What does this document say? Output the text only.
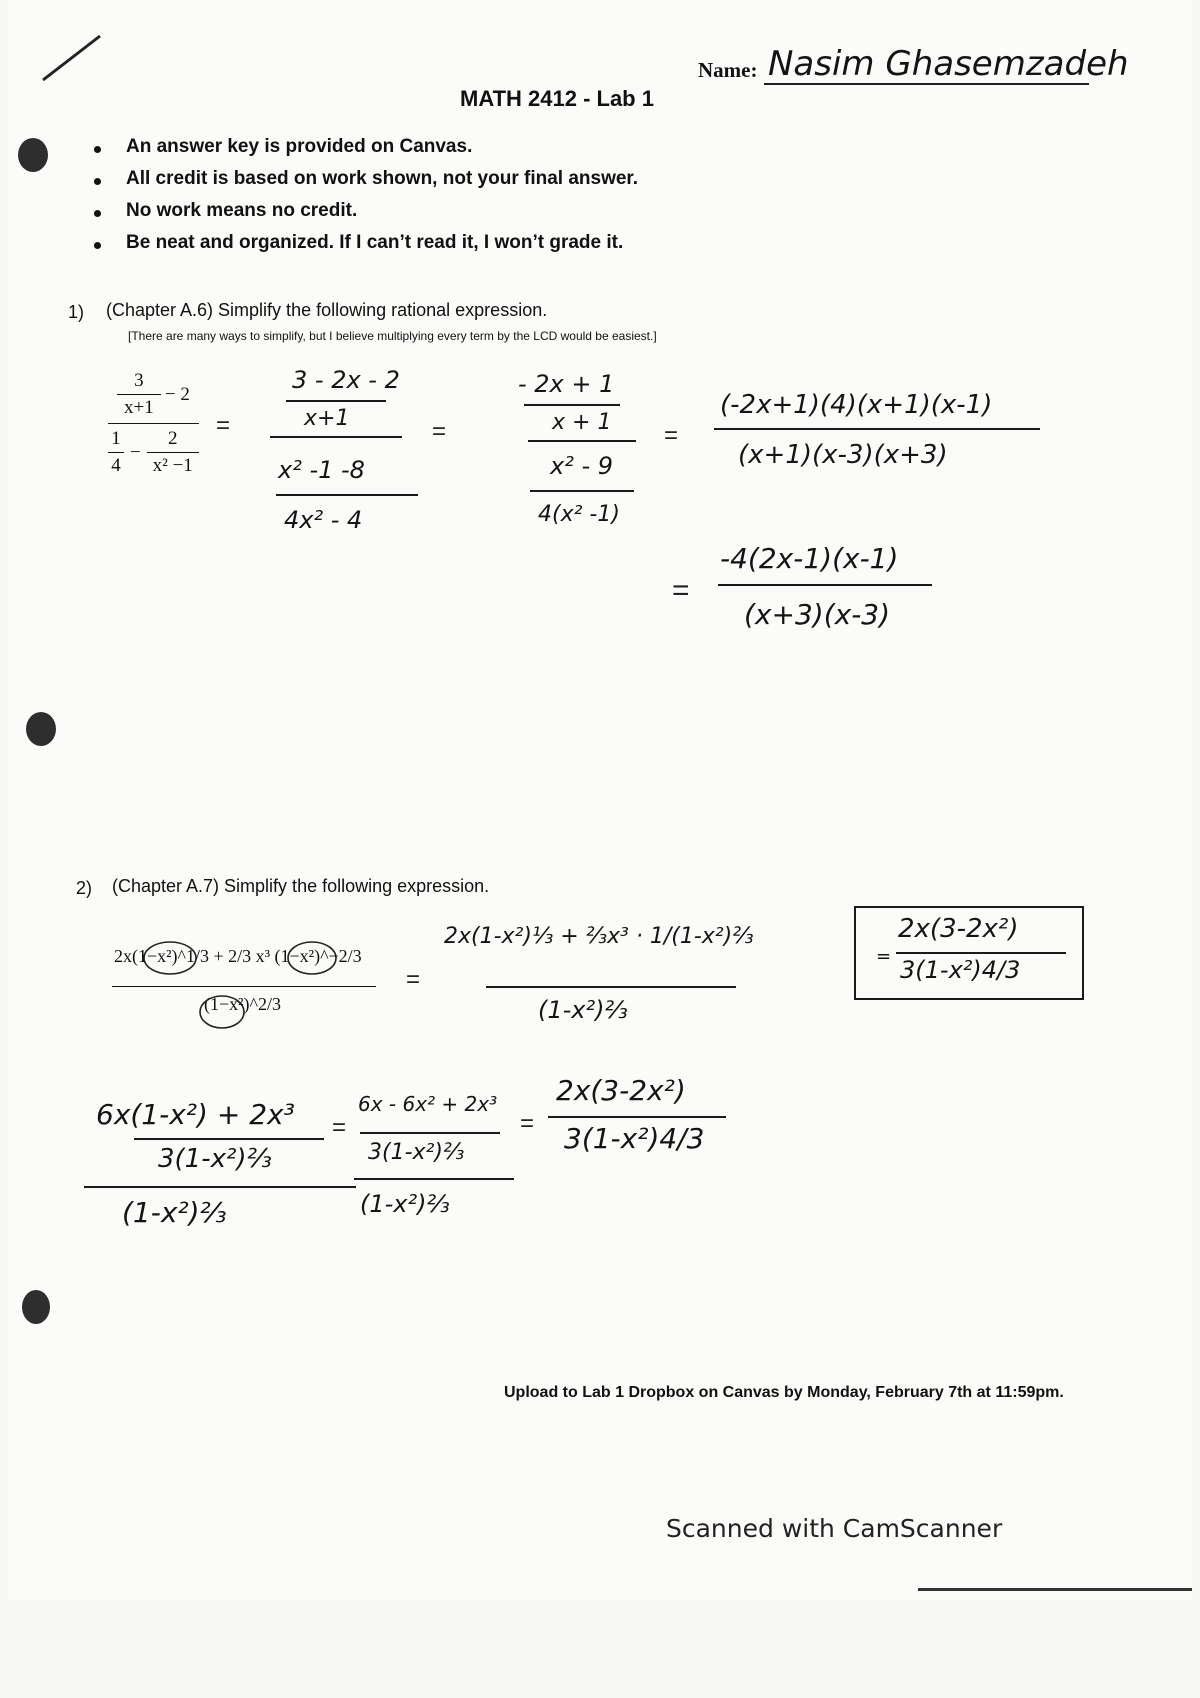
Name: Nasim Ghasemzadeh
MATH 2412 - Lab 1
An answer key is provided on Canvas.
All credit is based on work shown, not your final answer.
No work means no credit.
Be neat and organized. If I can’t read it, I won’t grade it.
1) (Chapter A.6) Simplify the following rational expression.
[There are many ways to simplify, but I believe multiplying every term by the LCD would be easiest.]
3
x+1
− 2
1
4
−
2
x² −1
=
3 - 2x - 2
x+1
x² -1 -8
4x² - 4
=
- 2x + 1
x + 1
x² - 9
4(x² -1)
=
(-2x+1)(4)(x+1)(x-1)
(x+1)(x-3)(x+3)
=
-4(2x-1)(x-1)
(x+3)(x-3)
2) (Chapter A.7) Simplify the following expression.
2x(1−x²)^1/3 + 2/3 x³ (1−x²)^−2/3
(1−x²)^2/3
=
2x(1-x²)⅓ + ⅔x³ · 1/(1-x²)⅔
(1-x²)⅔
=
2x(3-2x²)
3(1-x²)4/3
6x(1-x²) + 2x³
3(1-x²)⅔
(1-x²)⅔
=
6x - 6x² + 2x³
3(1-x²)⅔
(1-x²)⅔
=
2x(3-2x²)
3(1-x²)4/3
Upload to Lab 1 Dropbox on Canvas by Monday, February 7th at 11:59pm.
Scanned with CamScanner
